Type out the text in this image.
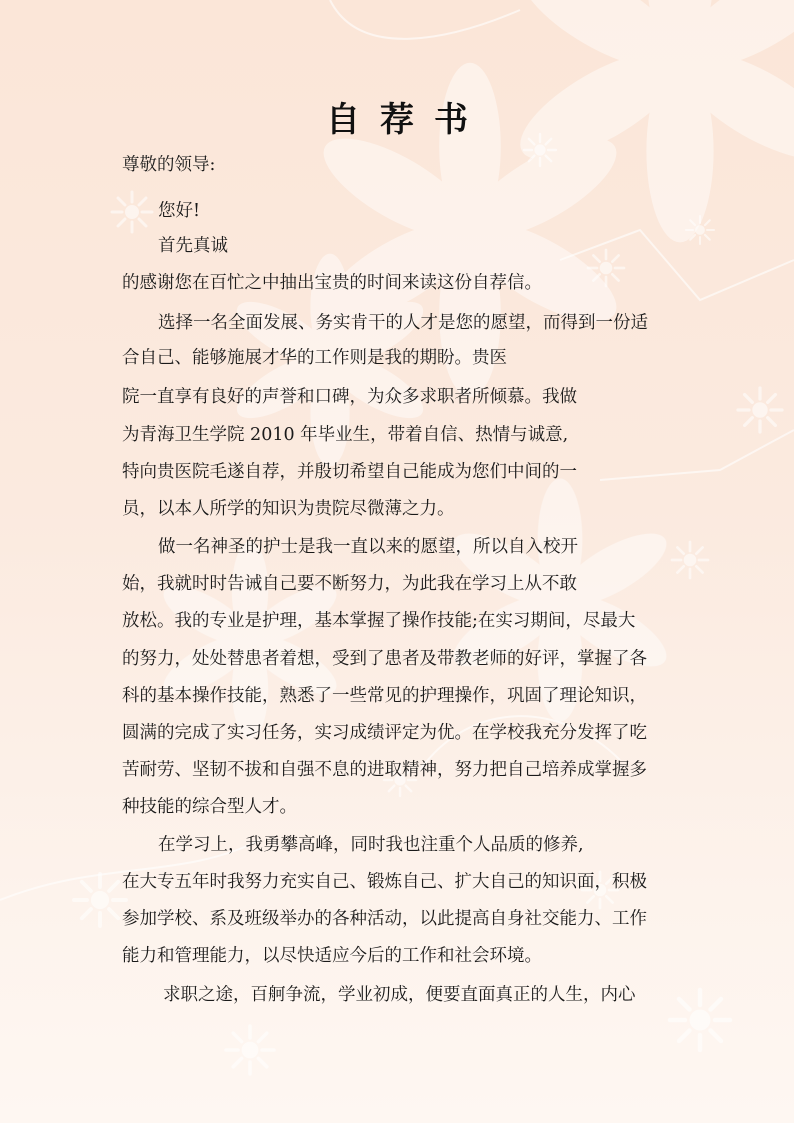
自荐书
尊敬的领导:
您好!
首先真诚
的感谢您在百忙之中抽出宝贵的时间来读这份自荐信。
选择一名全面发展、务实肯干的人才是您的愿望，而得到一份适
合自己、能够施展才华的工作则是我的期盼。贵医
院一直享有良好的声誉和口碑，为众多求职者所倾慕。我做
为青海卫生学院 2010 年毕业生，带着自信、热情与诚意,
特向贵医院毛遂自荐，并殷切希望自己能成为您们中间的一
员，以本人所学的知识为贵院尽微薄之力。
做一名神圣的护士是我一直以来的愿望，所以自入校开
始，我就时时告诫自己要不断努力，为此我在学习上从不敢
放松。我的专业是护理，基本掌握了操作技能;在实习期间，尽最大
的努力，处处替患者着想，受到了患者及带教老师的好评，掌握了各
科的基本操作技能，熟悉了一些常见的护理操作，巩固了理论知识，
圆满的完成了实习任务，实习成绩评定为优。在学校我充分发挥了吃
苦耐劳、坚韧不拔和自强不息的进取精神，努力把自己培养成掌握多
种技能的综合型人才。
在学习上，我勇攀高峰，同时我也注重个人品质的修养,
在大专五年时我努力充实自己、锻炼自己、扩大自己的知识面，积极
参加学校、系及班级举办的各种活动，以此提高自身社交能力、工作
能力和管理能力，以尽快适应今后的工作和社会环境。
求职之途，百舸争流，学业初成，便要直面真正的人生，内心
